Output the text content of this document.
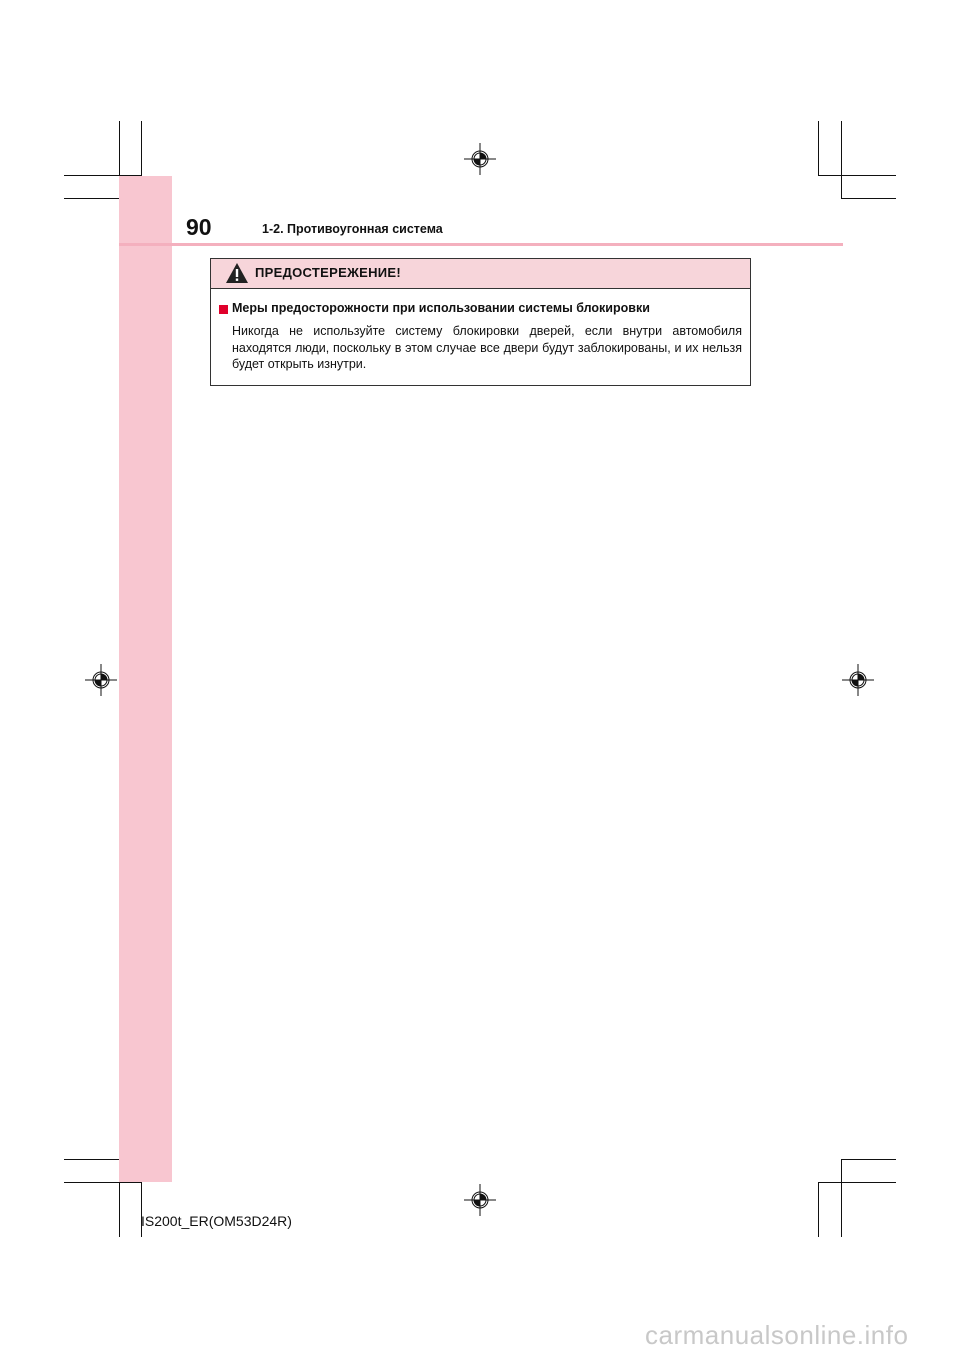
90	1-2. Противоугонная система
ПРЕДОСТЕРЕЖЕНИЕ!
Меры предосторожности при использовании системы блокировки
Никогда не используйте систему блокировки дверей, если внутри автомобиля находятся люди, поскольку в этом случае все двери будут заблокированы, и их нельзя будет открыть изнутри.
IS200t_ER(OM53D24R)
carmanualsonline.info
